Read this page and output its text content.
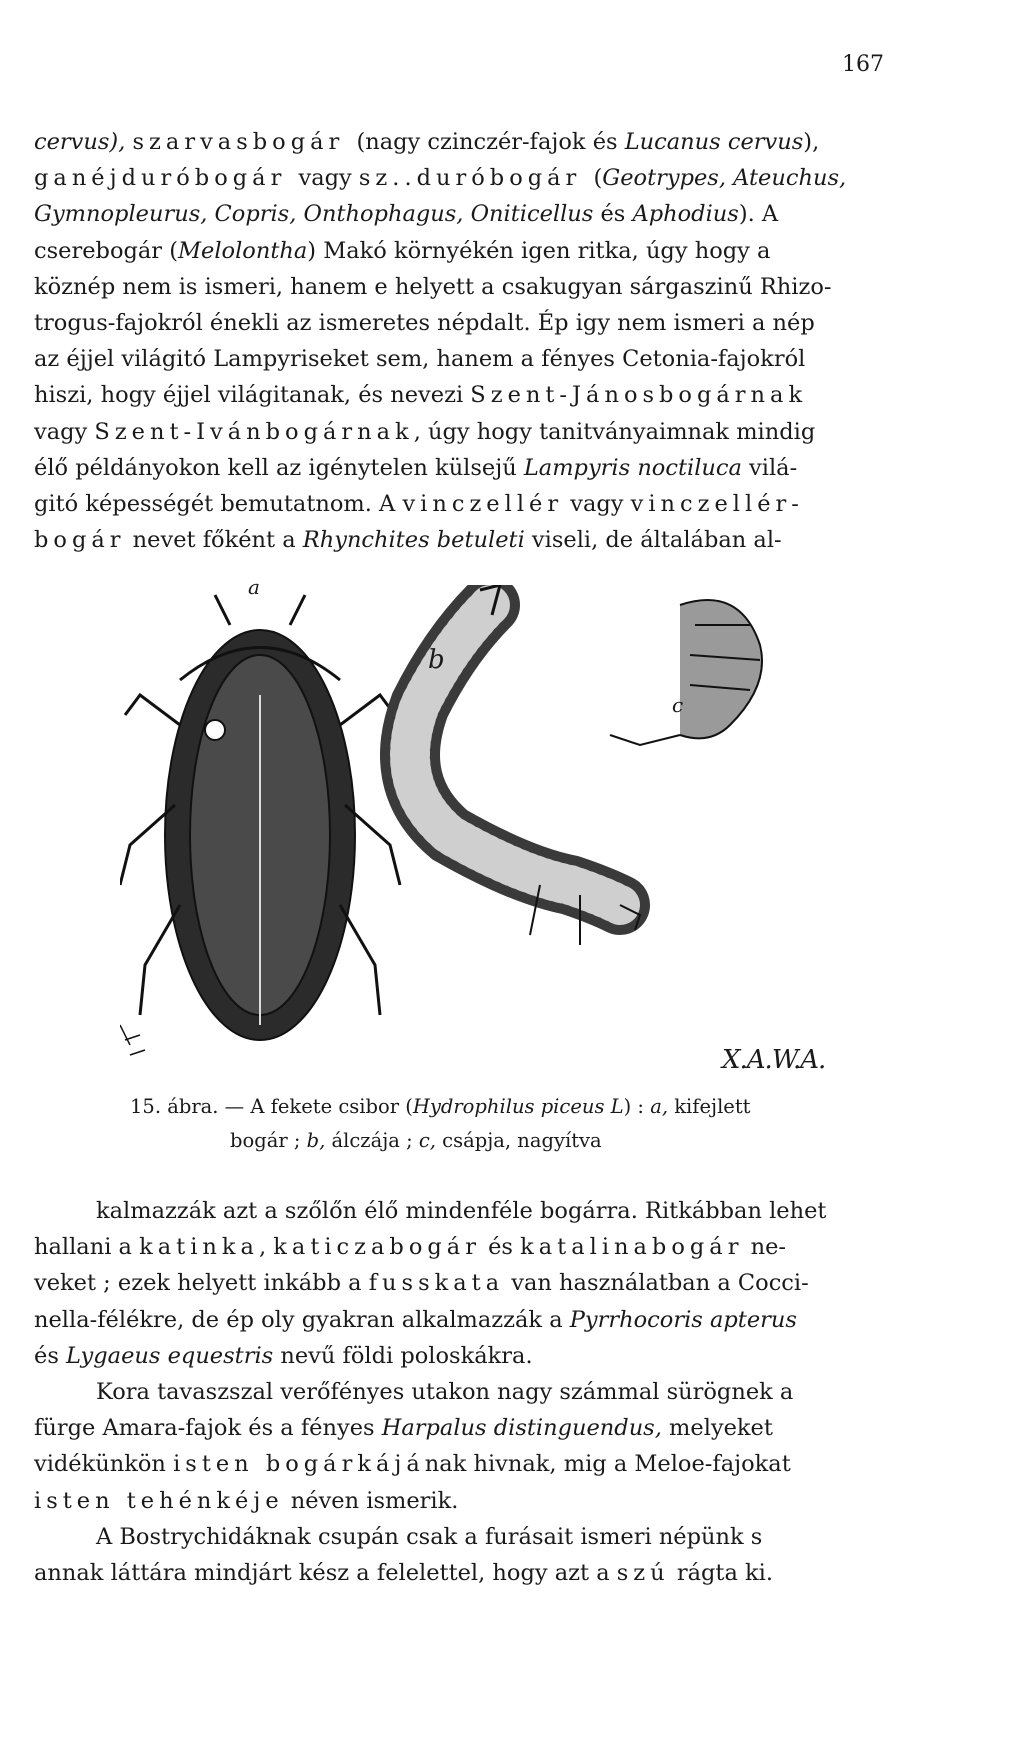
167
cervus), szarvasbogár (nagy czinczér-fajok és Lucanus cervus),
ganéjduróbogár vagy sz..duróbogár (Geotrypes, Ateuchus,
Gymnopleurus, Copris, Onthophagus, Oniticellus és Aphodius). A
cserebogár (Melolontha) Makó környékén igen ritka, úgy hogy a
köznép nem is ismeri, hanem e helyett a csakugyan sárgaszinű Rhizo-
trogus-fajokról énekli az ismeretes népdalt. Ép igy nem ismeri a nép
az éjjel világitó Lampyriseket sem, hanem a fényes Cetonia-fajokról
hiszi, hogy éjjel világitanak, és nevezi Szent-Jánosbogárnak
vagy Szent-Ivánbogárnak, úgy hogy tanitványaimnak mindig
élő példányokon kell az igénytelen külsejű Lampyris noctiluca vilá-
gitó képességét bemutatnom. A vinczellér vagy vinczellér-
bogár nevet főként a Rhynchites betuleti viseli, de általában al-
a
b
c
X.A.W.A.
15. ábra. — A fekete csibor (Hydrophilus piceus L) : a, kifejlett
bogár ; b, álczája ; c, csápja, nagyítva
kalmazzák azt a szőlőn élő mindenféle bogárra. Ritkábban lehet
hallani a katinka, katiczabogár és katalinabogár ne-
veket ; ezek helyett inkább a fusskata van használatban a Cocci-
nella-félékre, de ép oly gyakran alkalmazzák a Pyrrhocoris apterus
és Lygaeus equestris nevű földi poloskákra.
Kora tavaszszal verőfényes utakon nagy számmal sürögnek a
fürge Amara-fajok és a fényes Harpalus distinguendus, melyeket
vidékünkön isten bogárkájának hivnak, mig a Meloe-fajokat
isten tehénkéje néven ismerik.
A Bostrychidáknak csupán csak a furásait ismeri népünk s
annak láttára mindjárt kész a felelettel, hogy azt a szú rágta ki.
